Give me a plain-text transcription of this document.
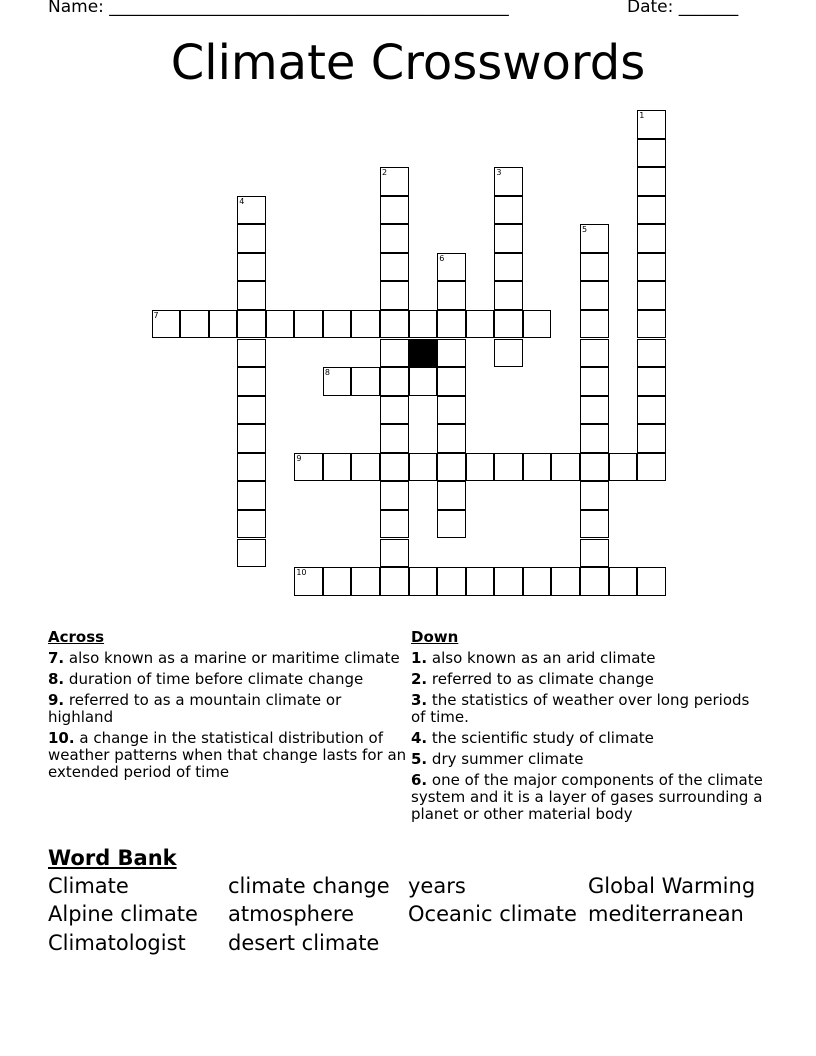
Name: _______________________________________________	Date: _______
Climate Crosswords
7
8
9
10
1
2	3
4
5
6
Across
7. also known as a marine or maritime climate
8. duration of time before climate change
9. referred to as a mountain climate or highland
10. a change in the statistical distribution of weather patterns when that change lasts for an extended period of time
Down
1. also known as an arid climate
2. referred to as climate change
3. the statistics of weather over long periods of time.
4. the scientific study of climate
5. dry summer climate
6. one of the major components of the climate system and it is a layer of gases surrounding a planet or other material body
Word Bank
Climate	climate change years	Global Warming
Alpine climate atmosphere	Oceanic climate mediterranean
Climatologist desert climate
